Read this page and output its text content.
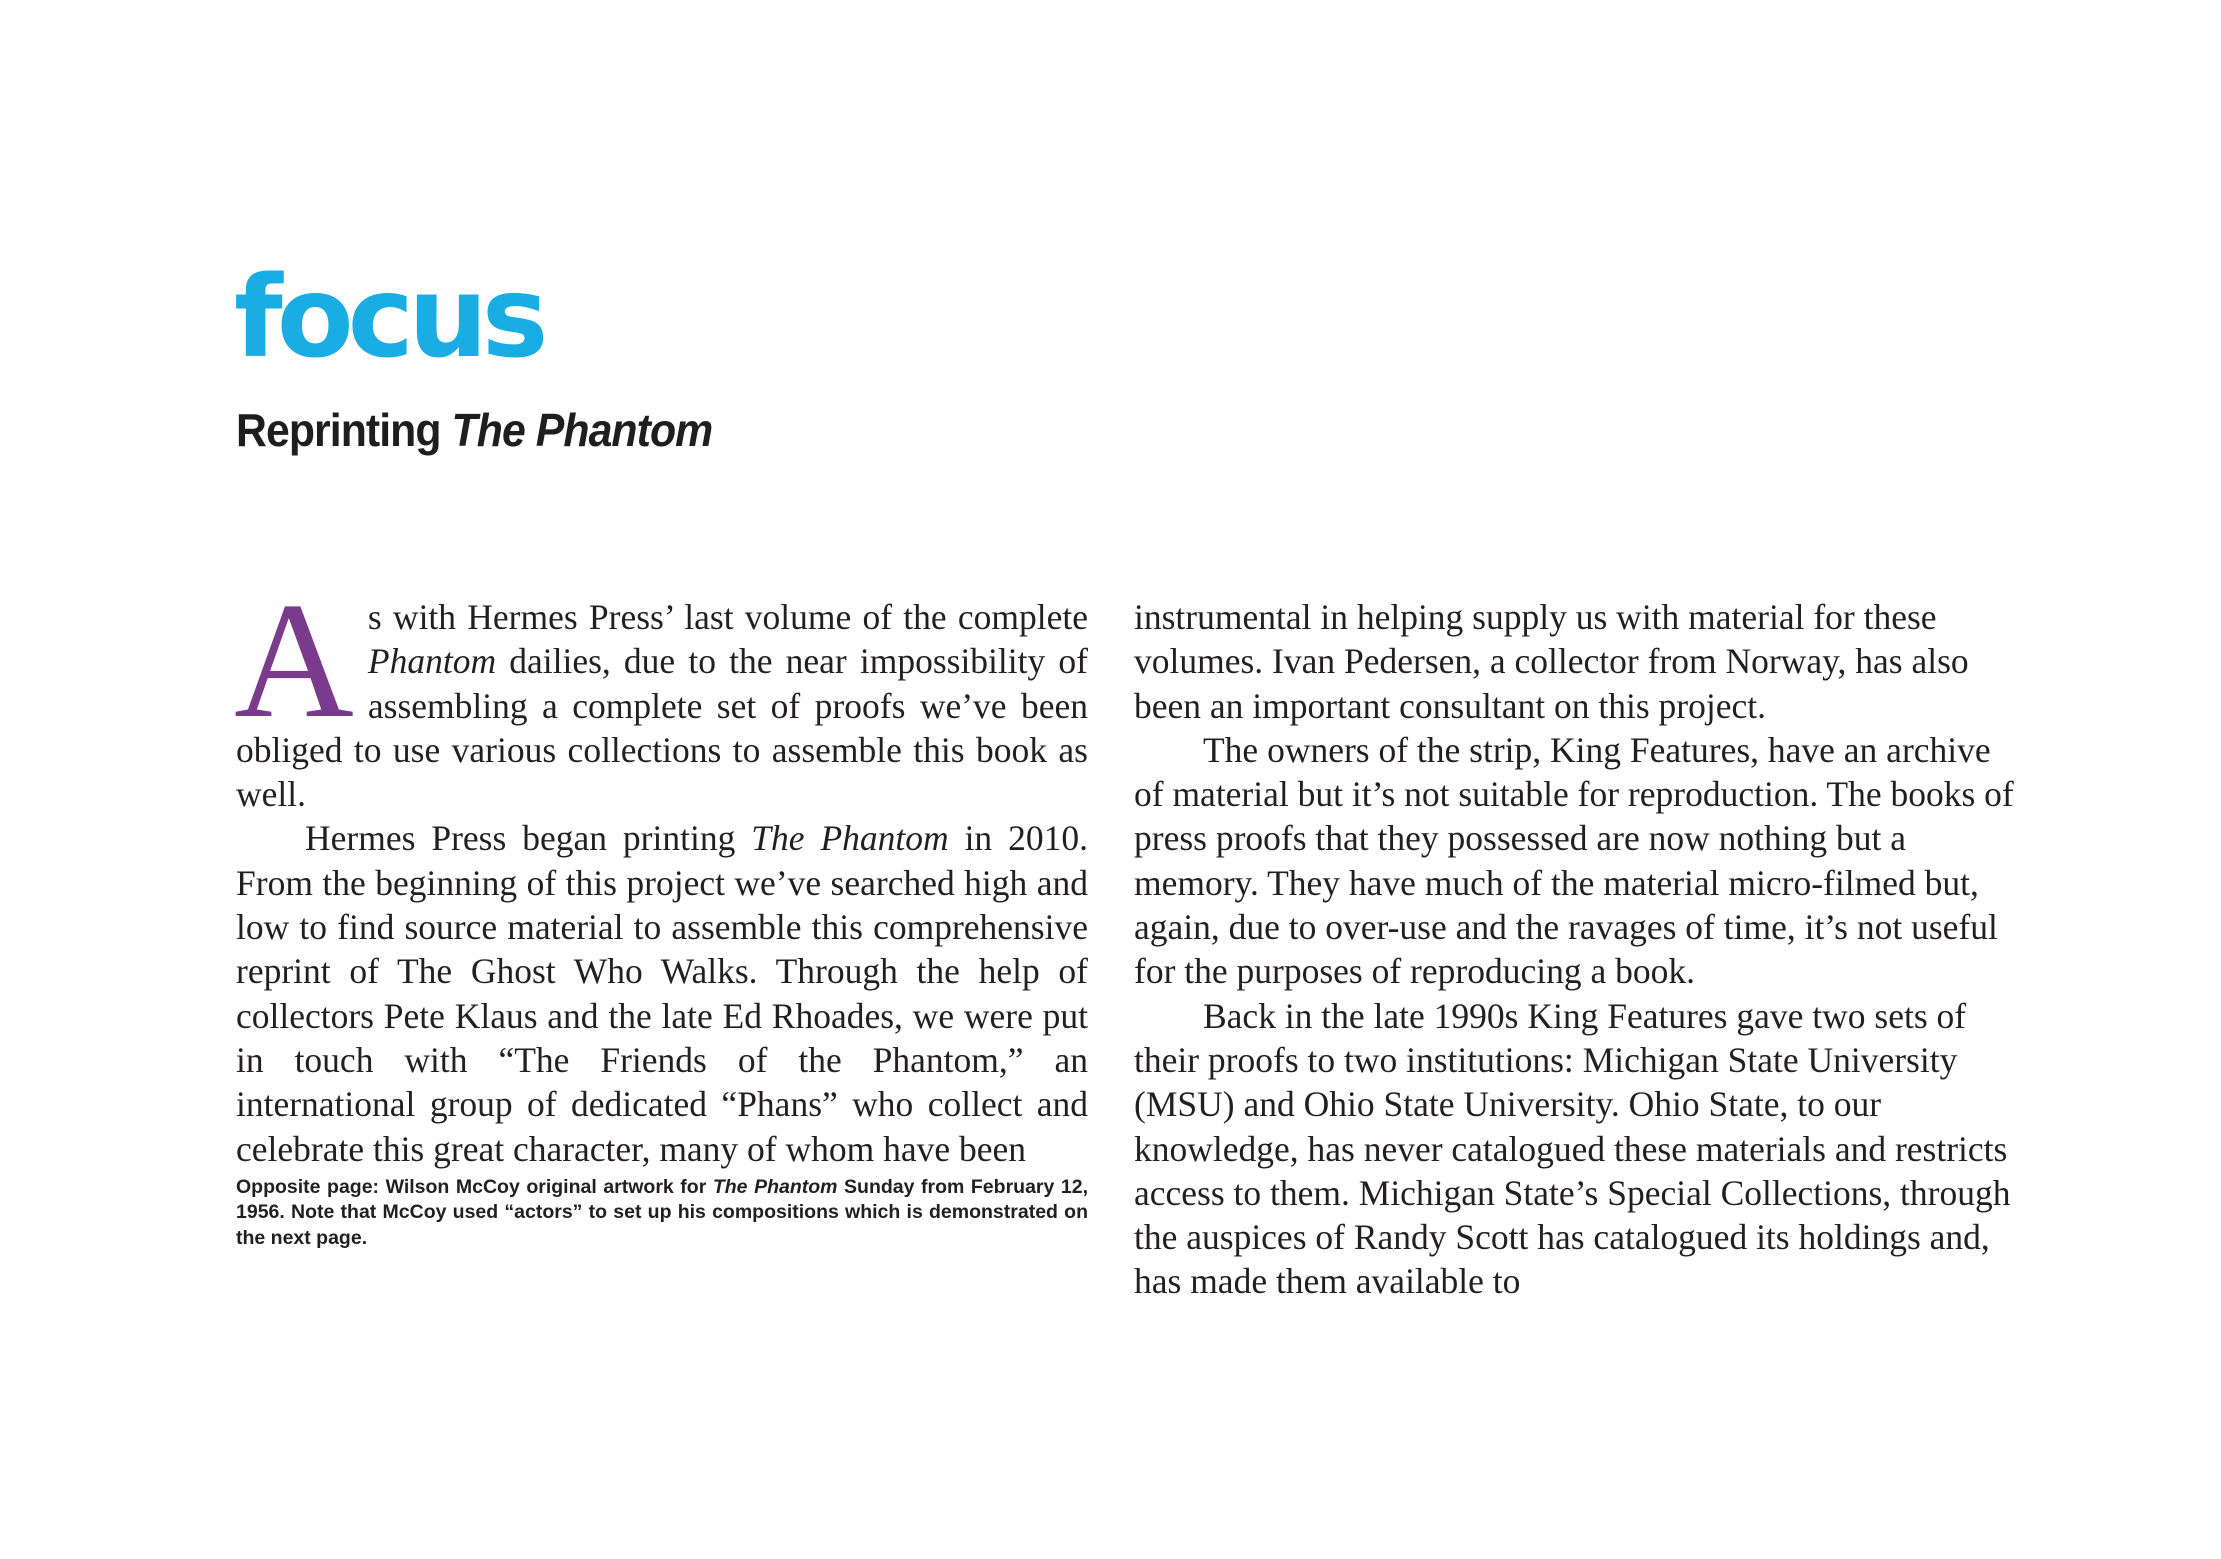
focus
Reprinting The Phantom

As with Hermes Press’ last volume of the complete Phantom dailies, due to the near impossibility of assembling a complete set of proofs we’ve been obliged to use various collections to assemble this book as well.

Hermes Press began printing The Phantom in 2010. From the beginning of this project we’ve searched high and low to find source material to assemble this comprehensive reprint of The Ghost Who Walks. Through the help of collectors Pete Klaus and the late Ed Rhoades, we were put in touch with “The Friends of the Phantom,” an international group of dedicated “Phans” who collect and celebrate this great character, many of whom have been

Opposite page: Wilson McCoy original artwork for The Phantom Sunday from February 12, 1956. Note that McCoy used “actors” to set up his compositions which is demonstrated on the next page.

instrumental in helping supply us with material for these volumes. Ivan Pedersen, a collector from Norway, has also been an important consultant on this project.

The owners of the strip, King Features, have an archive of material but it’s not suitable for reproduction. The books of press proofs that they possessed are now nothing but a memory. They have much of the material micro-filmed but, again, due to over-use and the ravages of time, it’s not useful for the purposes of reproducing a book.

Back in the late 1990s King Features gave two sets of their proofs to two institutions: Michigan State University (MSU) and Ohio State University. Ohio State, to our knowledge, has never catalogued these materials and restricts access to them. Michigan State’s Special Collections, through the auspices of Randy Scott has catalogued its holdings and, has made them available to
